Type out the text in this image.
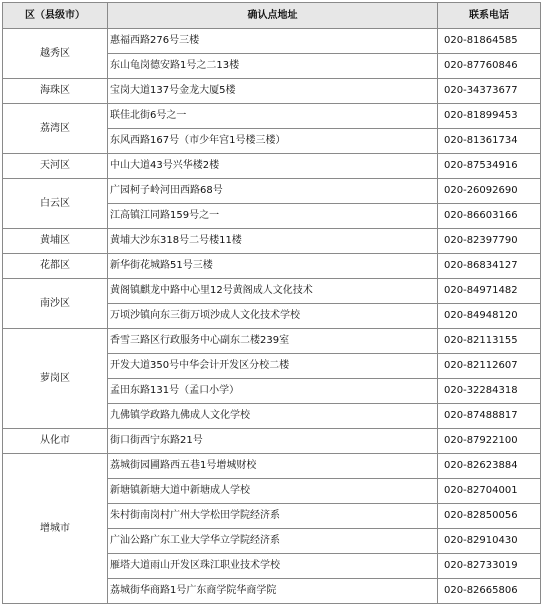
区（县级市）	确认点地址	联系电话
越秀区	惠福西路276号三楼	020-81864585
	东山龟岗德安路1号之二13楼	020-87760846
海珠区	宝岗大道137号金龙大厦5楼	020-34373677
荔湾区	联佳北街6号之一	020-81899453
	东风西路167号（市少年宫1号楼三楼）	020-81361734
天河区	中山大道43号兴华楼2楼	020-87534916
白云区	广园柯子岭河田西路68号	020-26092690
	江高镇江同路159号之一	020-86603166
黄埔区	黄埔大沙东318号二号楼11楼	020-82397790
花都区	新华街花城路51号三楼	020-86834127
南沙区	黄阁镇麒龙中路中心里12号黄阁成人文化技术	020-84971482
	万顷沙镇向东三街万顷沙成人文化技术学校	020-84948120
萝岗区	香雪三路区行政服务中心副东二楼239室	020-82113155
	开发大道350号中华会计开发区分校二楼	020-82112607
	孟田东路131号（孟口小学）	020-32284318
	九佛镇学政路九佛成人文化学校	020-87488817
从化市	街口街西宁东路21号	020-87922100
增城市	荔城街园圃路西五巷1号增城财校	020-82623884
	新塘镇新塘大道中新塘成人学校	020-82704001
	朱村街南岗村广州大学松田学院经济系	020-82850056
	广汕公路广东工业大学华立学院经济系	020-82910430
	雁塔大道雨山开发区珠江职业技术学校	020-82733019
	荔城街华商路1号广东商学院华商学院	020-82665806
